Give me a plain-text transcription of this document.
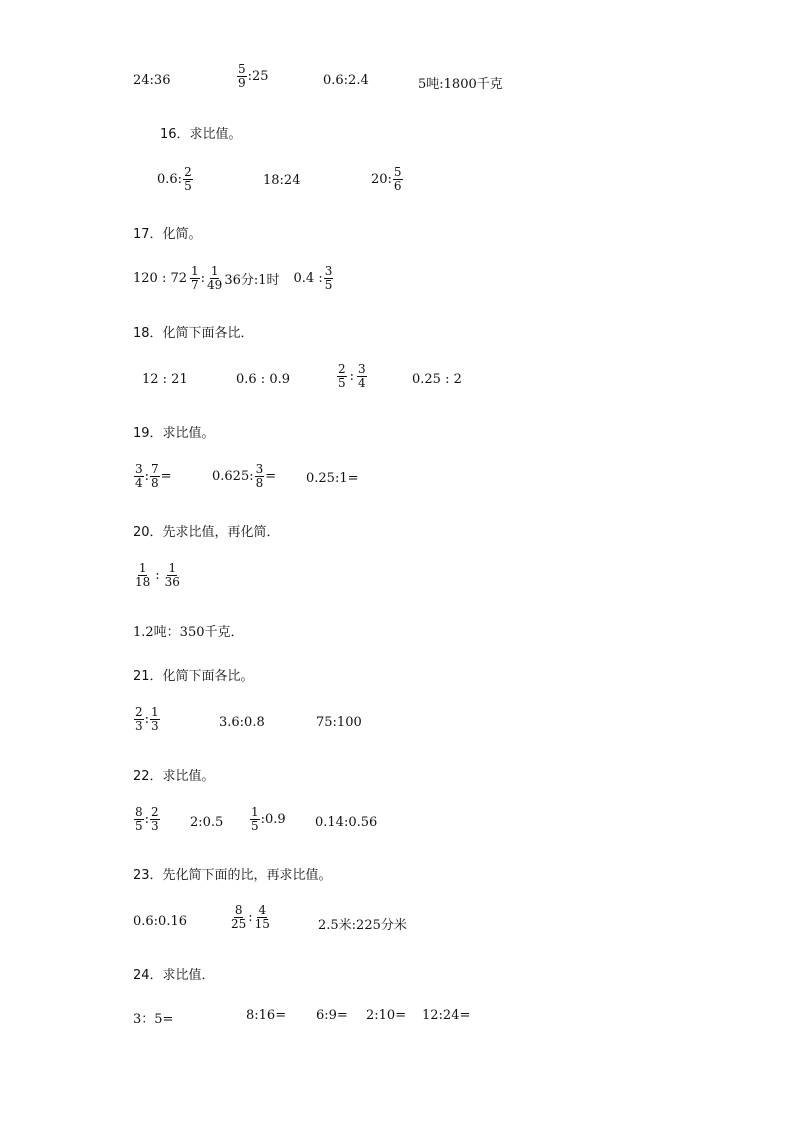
24:36	$\frac{5}{9}$ :25	0.6:2.4	5吨:1800千克
16．求比值。
0.6: $\frac{2}{5}$	18:24	20: $\frac{5}{6}$
17．化简。
120 : $72 \frac{1}{7}$ : $\frac{1}{49} 36$分:1时 0.4 : $\frac{3}{5}$
18．化简下面各比．
12 : 21	0.6 : 0.9	$\frac{2}{5}$ : $\frac{3}{4}$	0.25 : 2
19．求比值。
$\frac{3}{4}$ : $\frac{7}{8}$ =	0.625: $\frac{3}{8}$ = 0.25:1=
20．先求比值，再化简．
$\frac{1}{18}$ : $\frac{1}{36}$
1.2吨：350千克．
21．化简下面各比。
$\frac{2}{3}$ : $\frac{1}{3}$	3.6:0.8	75:100
22．求比值。
$\frac{8}{5}$ : $\frac{2}{3}$ 2:0.5 $\frac{1}{5}$ :0.9 0.14:0.56
23．先化简下面的比，再求比值。
0.6:0.16	$\frac{8}{25}$ : $\frac{4}{15}$	2.5米:225分米
24．求比值．
3：5=	8:16= 6:9= 2:10= 12:24=
